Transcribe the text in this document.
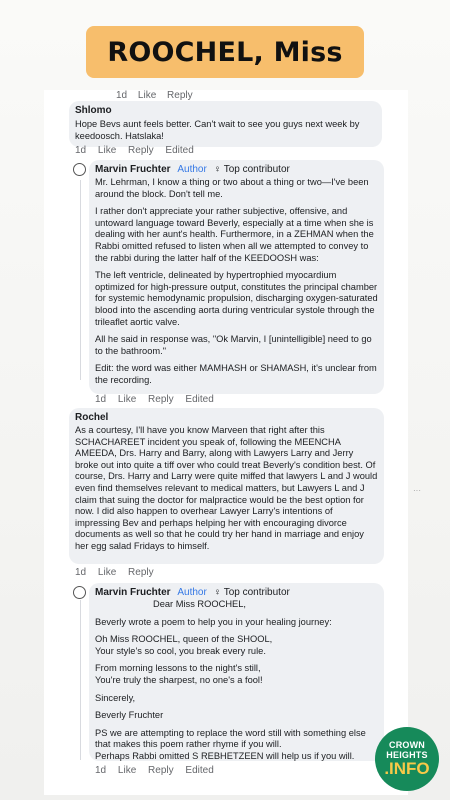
ROOCHEL, Miss
1d Like Reply
Shlomo
Hope Bevs aunt feels better. Can't wait to see you guys next week by keedoosch. Hatslaka!
1d Like Reply Edited
Marvin Fruchter Author ♀ Top contributor

Mr. Lehrman, I know a thing or two about a thing or two—I've been around the block. Don't tell me.

I rather don't appreciate your rather subjective, offensive, and untoward language toward Beverly, especially at a time when she is dealing with her aunt's health. Furthermore, in a ZEHMAN when the Rabbi omitted refused to listen when all we attempted to convey to the rabbi during the latter half of the KEEDOOSH was:

The left ventricle, delineated by hypertrophied myocardium optimized for high-pressure output, constitutes the principal chamber for systemic hemodynamic propulsion, discharging oxygen-saturated blood into the ascending aorta during ventricular systole through the trileaflet aortic valve.

All he said in response was, "Ok Marvin, I [unintelligible] need to go to the bathroom."

Edit: the word was either MAMHASH or SHAMASH, it's unclear from the recording.

1d Like Reply Edited
Rochel
As a courtesy, I'll have you know Marveen that right after this SCHACHAREET incident you speak of, following the MEENCHA AMEEDA, Drs. Harry and Barry, along with Lawyers Larry and Jerry broke out into quite a tiff over who could treat Beverly's condition best. Of course, Drs. Harry and Larry were quite miffed that lawyers L and J would even find themselves relevant to medical matters, but Lawyers L and J claim that suing the doctor for malpractice would be the best option for now. I did also happen to overhear Lawyer Larry's intentions of impressing Bev and perhaps helping her with encouraging divorce documents as well so that he could try her hand in marriage and enjoy her egg salad Fridays to himself.
1d Like Reply
Marvin Fruchter Author ♀ Top contributor
Dear Miss ROOCHEL,

Beverly wrote a poem to help you in your healing journey:

Oh Miss ROOCHEL, queen of the SHOOL,
Your style's so cool, you break every rule.

From morning lessons to the night's still,
You're truly the sharpest, no one's a fool!

Sincerely,

Beverly Fruchter

PS we are attempting to replace the word still with something else that makes this poem rather rhyme if you will.
Perhaps Rabbi omitted S REBHETZEEN will help us if you will.

1d Like Reply Edited
···
CROWN
HEIGHTS
.INFO
